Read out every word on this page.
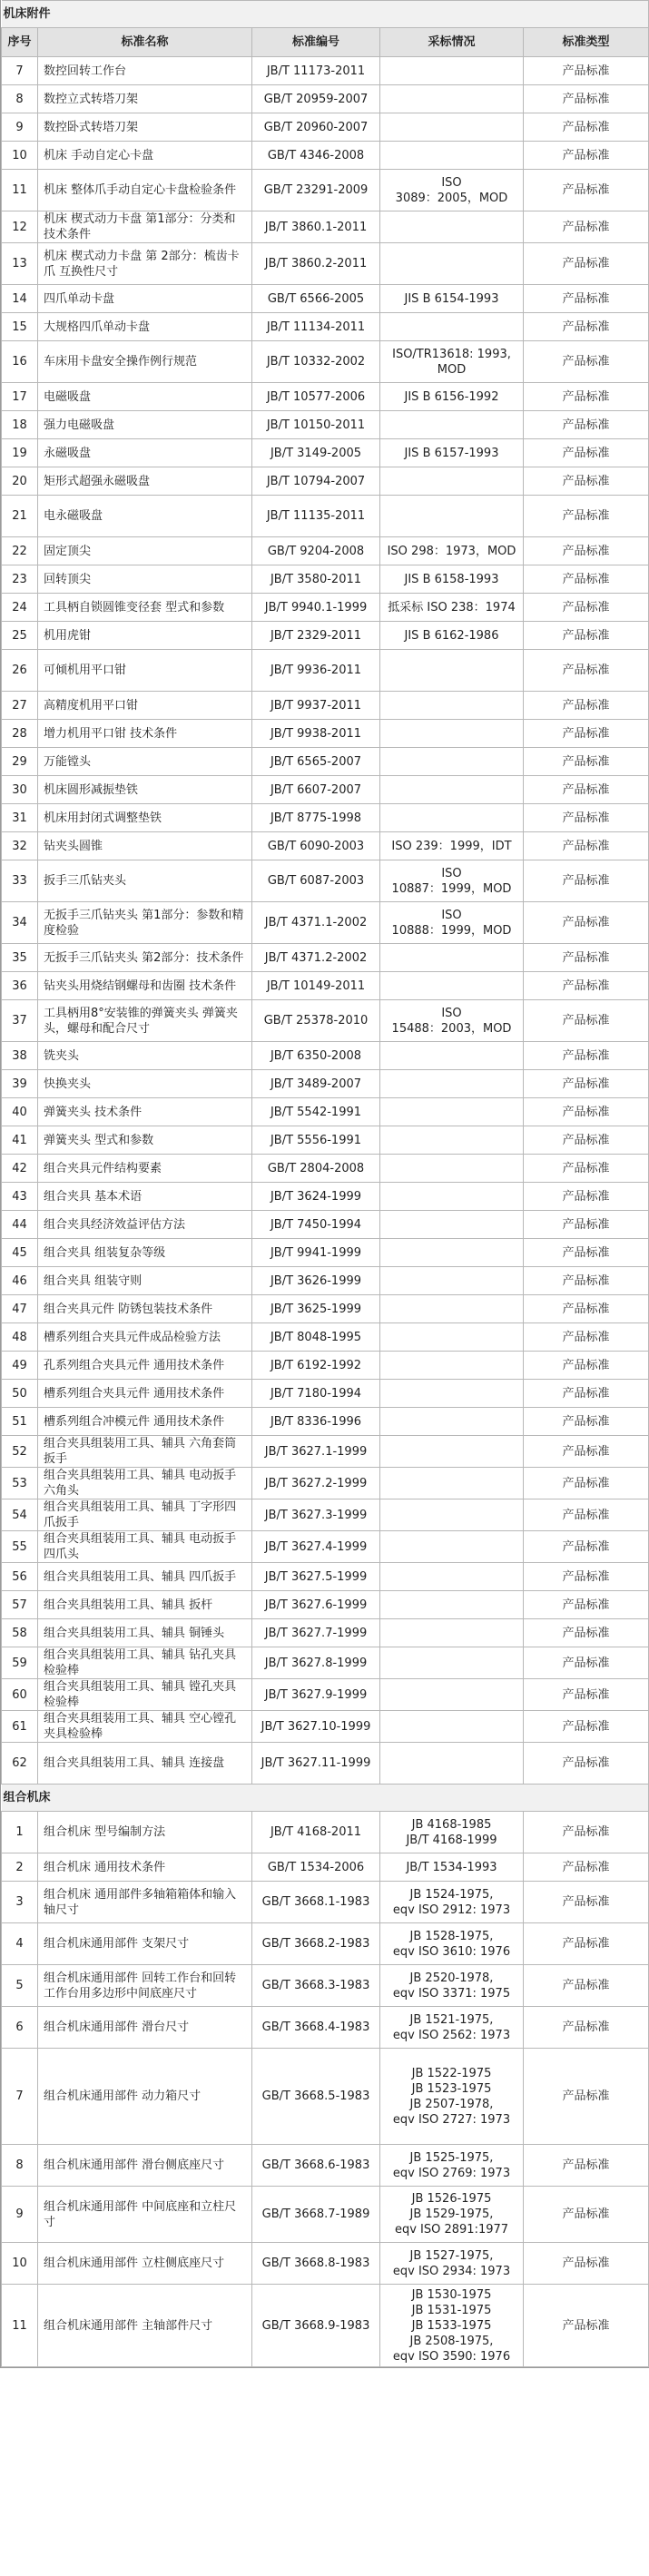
机床附件				
序号	标准名称	标准编号	采标情况	标准类型
7	数控回转工作台	JB/T 11173-2011		产品标准
8	数控立式转塔刀架	GB/T 20959-2007		产品标准
9	数控卧式转塔刀架	GB/T 20960-2007		产品标准
10	机床 手动自定心卡盘	GB/T 4346-2008		产品标准
11	机床 整体爪手动自定心卡盘检验条件	GB/T 23291-2009	ISO
3089：2005，MOD	产品标准
12	机床 楔式动力卡盘 第1部分：分类和技术条件	JB/T 3860.1-2011		产品标准
13	机床 楔式动力卡盘 第 2部分：梳齿卡爪 互换性尺寸	JB/T 3860.2-2011		产品标准
14	四爪单动卡盘	GB/T 6566-2005	JIS B 6154-1993	产品标准
15	大规格四爪单动卡盘	JB/T 11134-2011		产品标准
16	车床用卡盘安全操作例行规范	JB/T 10332-2002	ISO/TR13618: 1993, MOD	产品标准
17	电磁吸盘	JB/T 10577-2006	JIS B 6156-1992	产品标准
18	强力电磁吸盘	JB/T 10150-2011		产品标准
19	永磁吸盘	JB/T 3149-2005	JIS B 6157-1993	产品标准
20	矩形式超强永磁吸盘	JB/T 10794-2007		产品标准
21	电永磁吸盘	JB/T 11135-2011		产品标准
22	固定顶尖	GB/T 9204-2008	ISO 298：1973，MOD	产品标准
23	回转顶尖	JB/T 3580-2011	JIS B 6158-1993	产品标准
24	工具柄自锁圆锥变径套 型式和参数	JB/T 9940.1-1999	抵采标 ISO 238：1974	产品标准
25	机用虎钳	JB/T 2329-2011	JIS B 6162-1986	产品标准
26	可倾机用平口钳	JB/T 9936-2011		产品标准
27	高精度机用平口钳	JB/T 9937-2011		产品标准
28	增力机用平口钳 技术条件	JB/T 9938-2011		产品标准
29	万能镗头	JB/T 6565-2007		产品标准
30	机床圆形减振垫铁	JB/T 6607-2007		产品标准
31	机床用封闭式调整垫铁	JB/T 8775-1998		产品标准
32	钻夹头圆锥	GB/T 6090-2003	ISO 239：1999，IDT	产品标准
33	扳手三爪钻夹头	GB/T 6087-2003	ISO
10887：1999，MOD	产品标准
34	无扳手三爪钻夹头 第1部分：参数和精度检验	JB/T 4371.1-2002	ISO
10888：1999，MOD	产品标准
35	无扳手三爪钻夹头 第2部分：技术条件	JB/T 4371.2-2002		产品标准
36	钻夹头用烧结钢螺母和齿圈 技术条件	JB/T 10149-2011		产品标准
37	工具柄用8°安装锥的弹簧夹头 弹簧夹头，螺母和配合尺寸	GB/T 25378-2010	ISO
15488：2003，MOD	产品标准
38	铣夹头	JB/T 6350-2008		产品标准
39	快换夹头	JB/T 3489-2007		产品标准
40	弹簧夹头 技术条件	JB/T 5542-1991		产品标准
41	弹簧夹头 型式和参数	JB/T 5556-1991		产品标准
42	组合夹具元件结构要素	GB/T 2804-2008		产品标准
43	组合夹具 基本术语	JB/T 3624-1999		产品标准
44	组合夹具经济效益评估方法	JB/T 7450-1994		产品标准
45	组合夹具 组装复杂等级	JB/T 9941-1999		产品标准
46	组合夹具 组装守则	JB/T 3626-1999		产品标准
47	组合夹具元件 防锈包装技术条件	JB/T 3625-1999		产品标准
48	槽系列组合夹具元件成品检验方法	JB/T 8048-1995		产品标准
49	孔系列组合夹具元件 通用技术条件	JB/T 6192-1992		产品标准
50	槽系列组合夹具元件 通用技术条件	JB/T 7180-1994		产品标准
51	槽系列组合冲模元件 通用技术条件	JB/T 8336-1996		产品标准
52	组合夹具组装用工具、辅具 六角套筒扳手	JB/T 3627.1-1999		产品标准
53	组合夹具组装用工具、辅具 电动扳手六角头	JB/T 3627.2-1999		产品标准
54	组合夹具组装用工具、辅具 丁字形四爪扳手	JB/T 3627.3-1999		产品标准
55	组合夹具组装用工具、辅具 电动扳手四爪头	JB/T 3627.4-1999		产品标准
56	组合夹具组装用工具、辅具 四爪扳手	JB/T 3627.5-1999		产品标准
57	组合夹具组装用工具、辅具 扳杆	JB/T 3627.6-1999		产品标准
58	组合夹具组装用工具、辅具 铜锤头	JB/T 3627.7-1999		产品标准
59	组合夹具组装用工具、辅具 钻孔夹具检验棒	JB/T 3627.8-1999		产品标准
60	组合夹具组装用工具、辅具 镗孔夹具检验棒	JB/T 3627.9-1999		产品标准
61	组合夹具组装用工具、辅具 空心镗孔夹具检验棒	JB/T 3627.10-1999		产品标准
62	组合夹具组装用工具、辅具 连接盘	JB/T 3627.11-1999		产品标准
组合机床				
1	组合机床 型号编制方法	JB/T 4168-2011	JB 4168-1985
JB/T 4168-1999	产品标准
2	组合机床 通用技术条件	GB/T 1534-2006	JB/T 1534-1993	产品标准
3	组合机床 通用部件多轴箱箱体和输入轴尺寸	GB/T 3668.1-1983	JB 1524-1975,
eqv ISO 2912: 1973	产品标准
4	组合机床通用部件 支架尺寸	GB/T 3668.2-1983	JB 1528-1975,
eqv ISO 3610: 1976	产品标准
5	组合机床通用部件 回转工作台和回转工作台用多边形中间底座尺寸	GB/T 3668.3-1983	JB 2520-1978,
eqv ISO 3371: 1975	产品标准
6	组合机床通用部件 滑台尺寸	GB/T 3668.4-1983	JB 1521-1975,
eqv ISO 2562: 1973	产品标准
7	组合机床通用部件 动力箱尺寸	GB/T 3668.5-1983	JB 1522-1975
JB 1523-1975
JB 2507-1978,
eqv ISO 2727: 1973	产品标准
8	组合机床通用部件 滑台侧底座尺寸	GB/T 3668.6-1983	JB 1525-1975,
eqv ISO 2769: 1973	产品标准
9	组合机床通用部件 中间底座和立柱尺寸	GB/T 3668.7-1989	JB 1526-1975
JB 1529-1975,
eqv ISO 2891:1977	产品标准
10	组合机床通用部件 立柱侧底座尺寸	GB/T 3668.8-1983	JB 1527-1975,
eqv ISO 2934: 1973	产品标准
11	组合机床通用部件 主轴部件尺寸	GB/T 3668.9-1983	JB 1530-1975
JB 1531-1975
JB 1533-1975
JB 2508-1975,
eqv ISO 3590: 1976	产品标准
